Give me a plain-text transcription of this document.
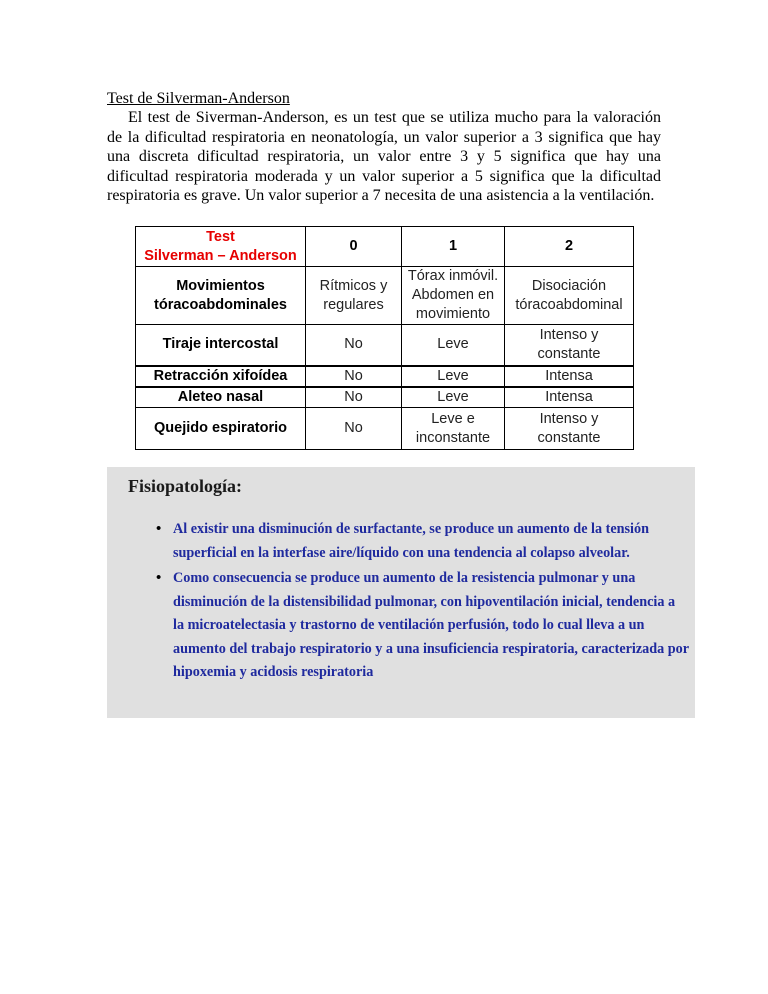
Test de Silverman-Anderson

El test de Siverman-Anderson, es un test que se utiliza mucho para la valoración de la dificultad respiratoria en neonatología, un valor superior a 3 significa que hay una discreta dificultad respiratoria, un valor entre 3 y 5 significa que hay una dificultad respiratoria moderada y un valor superior a 5 significa que la dificultad respiratoria es grave. Un valor superior a 7 necesita de una asistencia a la ventilación.

Test
Silverman – Anderson	0	1	2
Movimientos tóracoabdominales	Rítmicos y regulares	Tórax inmóvil. Abdomen en movimiento	Disociación tóracoabdominal
Tiraje intercostal	No	Leve	Intenso y constante
Retracción xifoídea	No	Leve	Intensa
Aleteo nasal	No	Leve	Intensa
Quejido espiratorio	No	Leve e inconstante	Intenso y constante
Fisiopatología:
• Al existir una disminución de surfactante, se produce un aumento de la tensión superficial en la interfase aire/líquido con una tendencia al colapso alveolar.
• Como consecuencia se produce un aumento de la resistencia pulmonar y una disminución de la distensibilidad pulmonar, con hipoventilación inicial, tendencia a la microatelectasia y trastorno de ventilación perfusión, todo lo cual lleva a un aumento del trabajo respiratorio y a una insuficiencia respiratoria, caracterizada por hipoxemia y acidosis respiratoria
